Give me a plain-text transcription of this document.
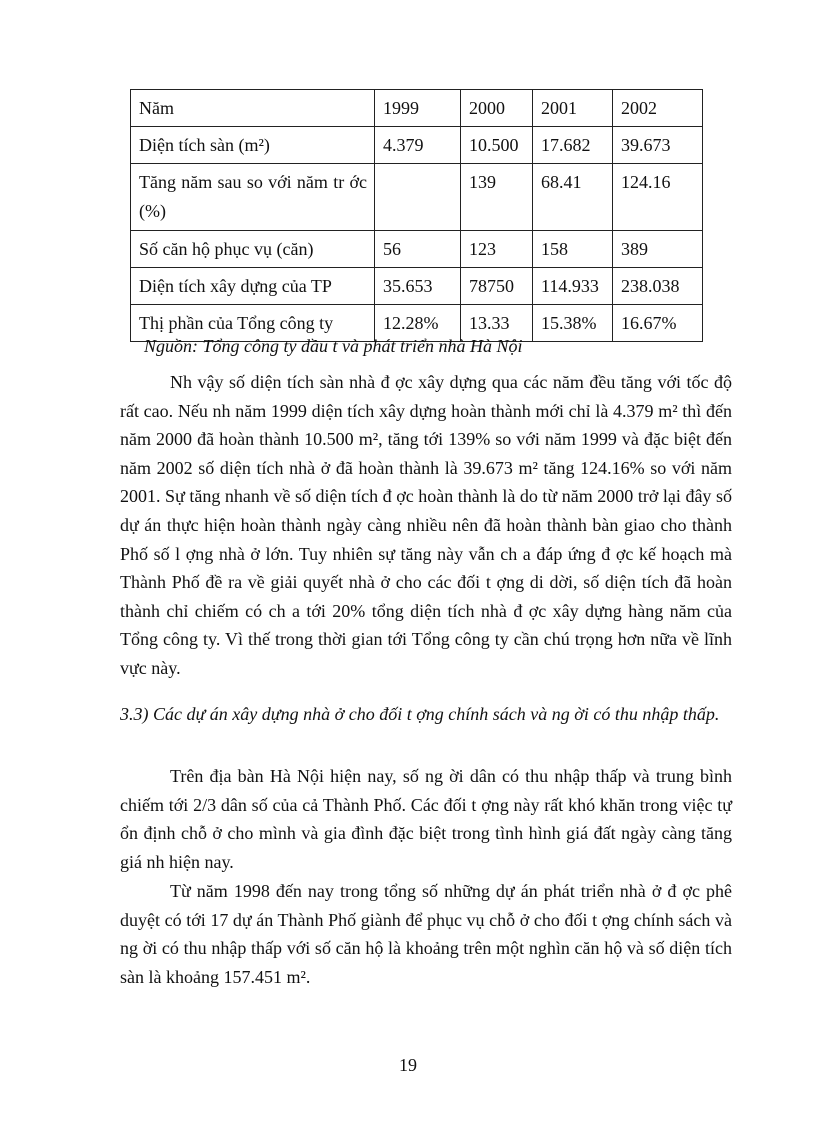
Năm	1999	2000	2001	2002
Diện tích sàn (m²)	4.379	10.500	17.682	39.673

Tăng năm sau so với năm tr ớc (%)		139	68.41	124.16
Số căn hộ phục vụ (căn)	56	123	158	389
Diện tích xây dựng của TP	35.653	78750	114.933	238.038
Thị phần của Tổng công ty	12.28%	13.33	15.38%	16.67%
Nguồn: Tổng công ty đầu t và phát triển nhà Hà Nội

Nh vậy số diện tích sàn nhà đ ợc xây dựng qua các năm đều tăng với tốc độ rất cao. Nếu nh năm 1999 diện tích xây dựng hoàn thành mới chỉ là 4.379 m² thì đến năm 2000 đã hoàn thành 10.500 m², tăng tới 139% so với năm 1999 và đặc biệt đến năm 2002 số diện tích nhà ở đã hoàn thành là 39.673 m² tăng 124.16% so với năm 2001. Sự tăng nhanh về số diện tích đ ợc hoàn thành là do từ năm 2000 trở lại đây số dự án thực hiện hoàn thành ngày càng nhiều nên đã hoàn thành bàn giao cho thành Phố số l ợng nhà ở lớn. Tuy nhiên sự tăng này vẫn ch a đáp ứng đ ợc kế hoạch mà Thành Phố đề ra về giải quyết nhà ở cho các đối t ợng di dời, số diện tích đã hoàn thành chỉ chiếm có ch a tới 20% tổng diện tích nhà đ ợc xây dựng hàng năm của Tổng công ty. Vì thế trong thời gian tới Tổng công ty cần chú trọng hơn nữa về lĩnh vực này.

3.3) Các dự án xây dựng nhà ở cho đối t ợng chính sách và ng ời có thu nhập thấp.

Trên địa bàn Hà Nội hiện nay, số ng ời dân có thu nhập thấp và trung bình chiếm tới 2/3 dân số của cả Thành Phố. Các đối t ợng này rất khó khăn trong việc tự ổn định chỗ ở cho mình và gia đình đặc biệt trong tình hình giá đất ngày càng tăng giá nh hiện nay.

Từ năm 1998 đến nay trong tổng số những dự án phát triển nhà ở đ ợc phê duyệt có tới 17 dự án Thành Phố giành để phục vụ chỗ ở cho đối t ợng chính sách và ng ời có thu nhập thấp với số căn hộ là khoảng trên một nghìn căn hộ và số diện tích sàn là khoảng 157.451 m².

19
